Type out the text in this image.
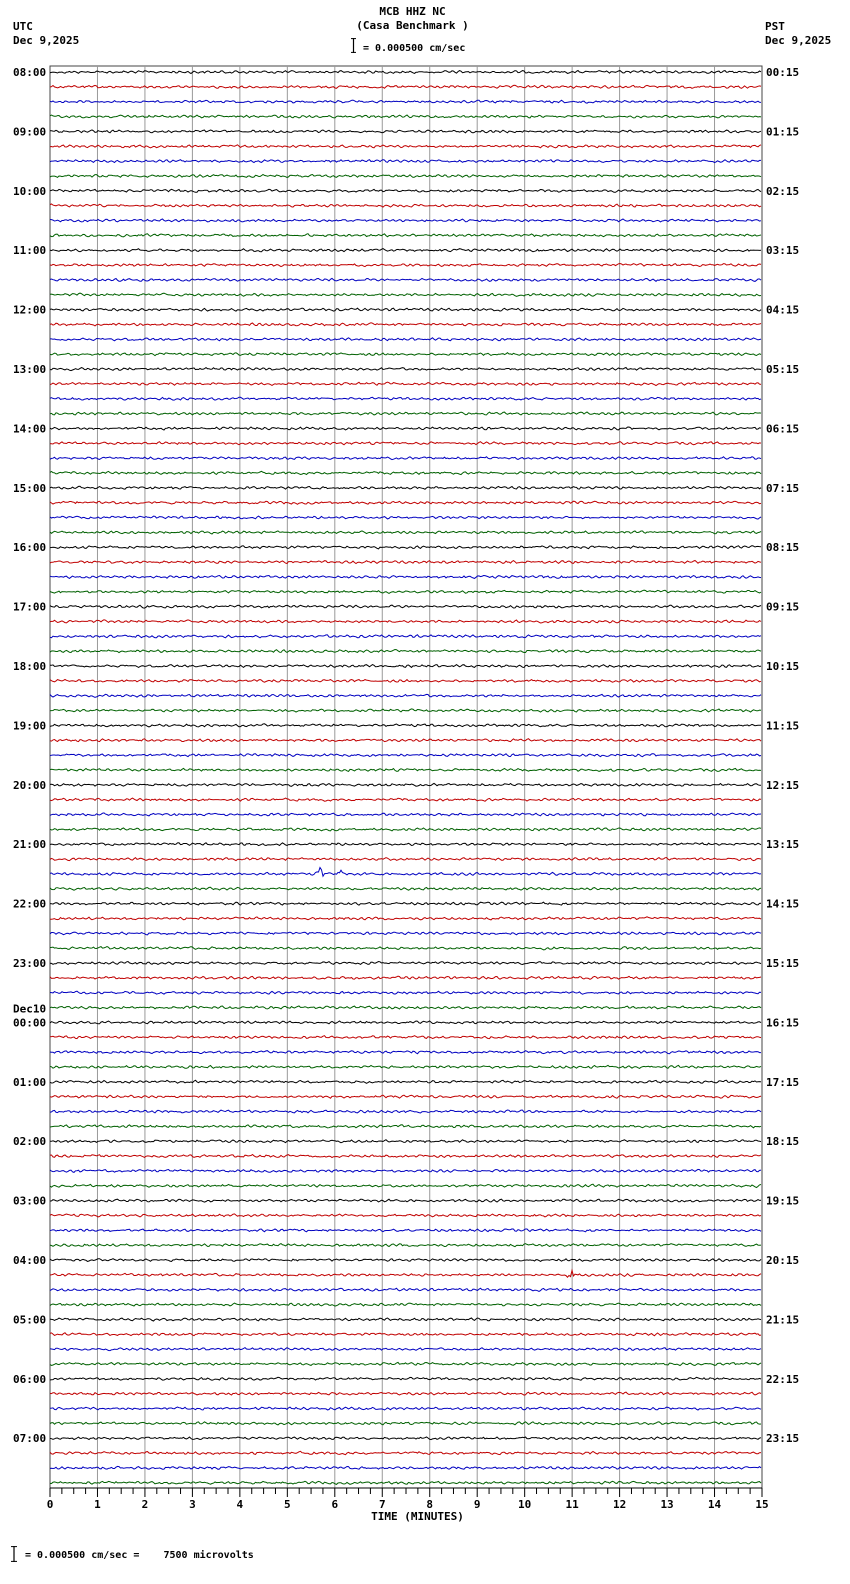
MCB HHZ NC
(Casa Benchmark )
= 0.000500 cm/sec
UTC
Dec 9,2025
PST
Dec 9,2025
08:00
09:00
10:00
11:00
12:00
13:00
14:00
15:00
16:00
17:00
18:00
19:00
20:00
21:00
22:00
23:00
00:00
Dec10
01:00
02:00
03:00
04:00
05:00
06:00
07:00
00:15
01:15
02:15
03:15
04:15
05:15
06:15
07:15
08:15
09:15
10:15
11:15
12:15
13:15
14:15
15:15
16:15
17:15
18:15
19:15
20:15
21:15
22:15
23:15
0	1	2	3	4	5	6	7	8	9	10	11	12	13	14	15
TIME (MINUTES)
= 0.000500 cm/sec =    7500 microvolts
